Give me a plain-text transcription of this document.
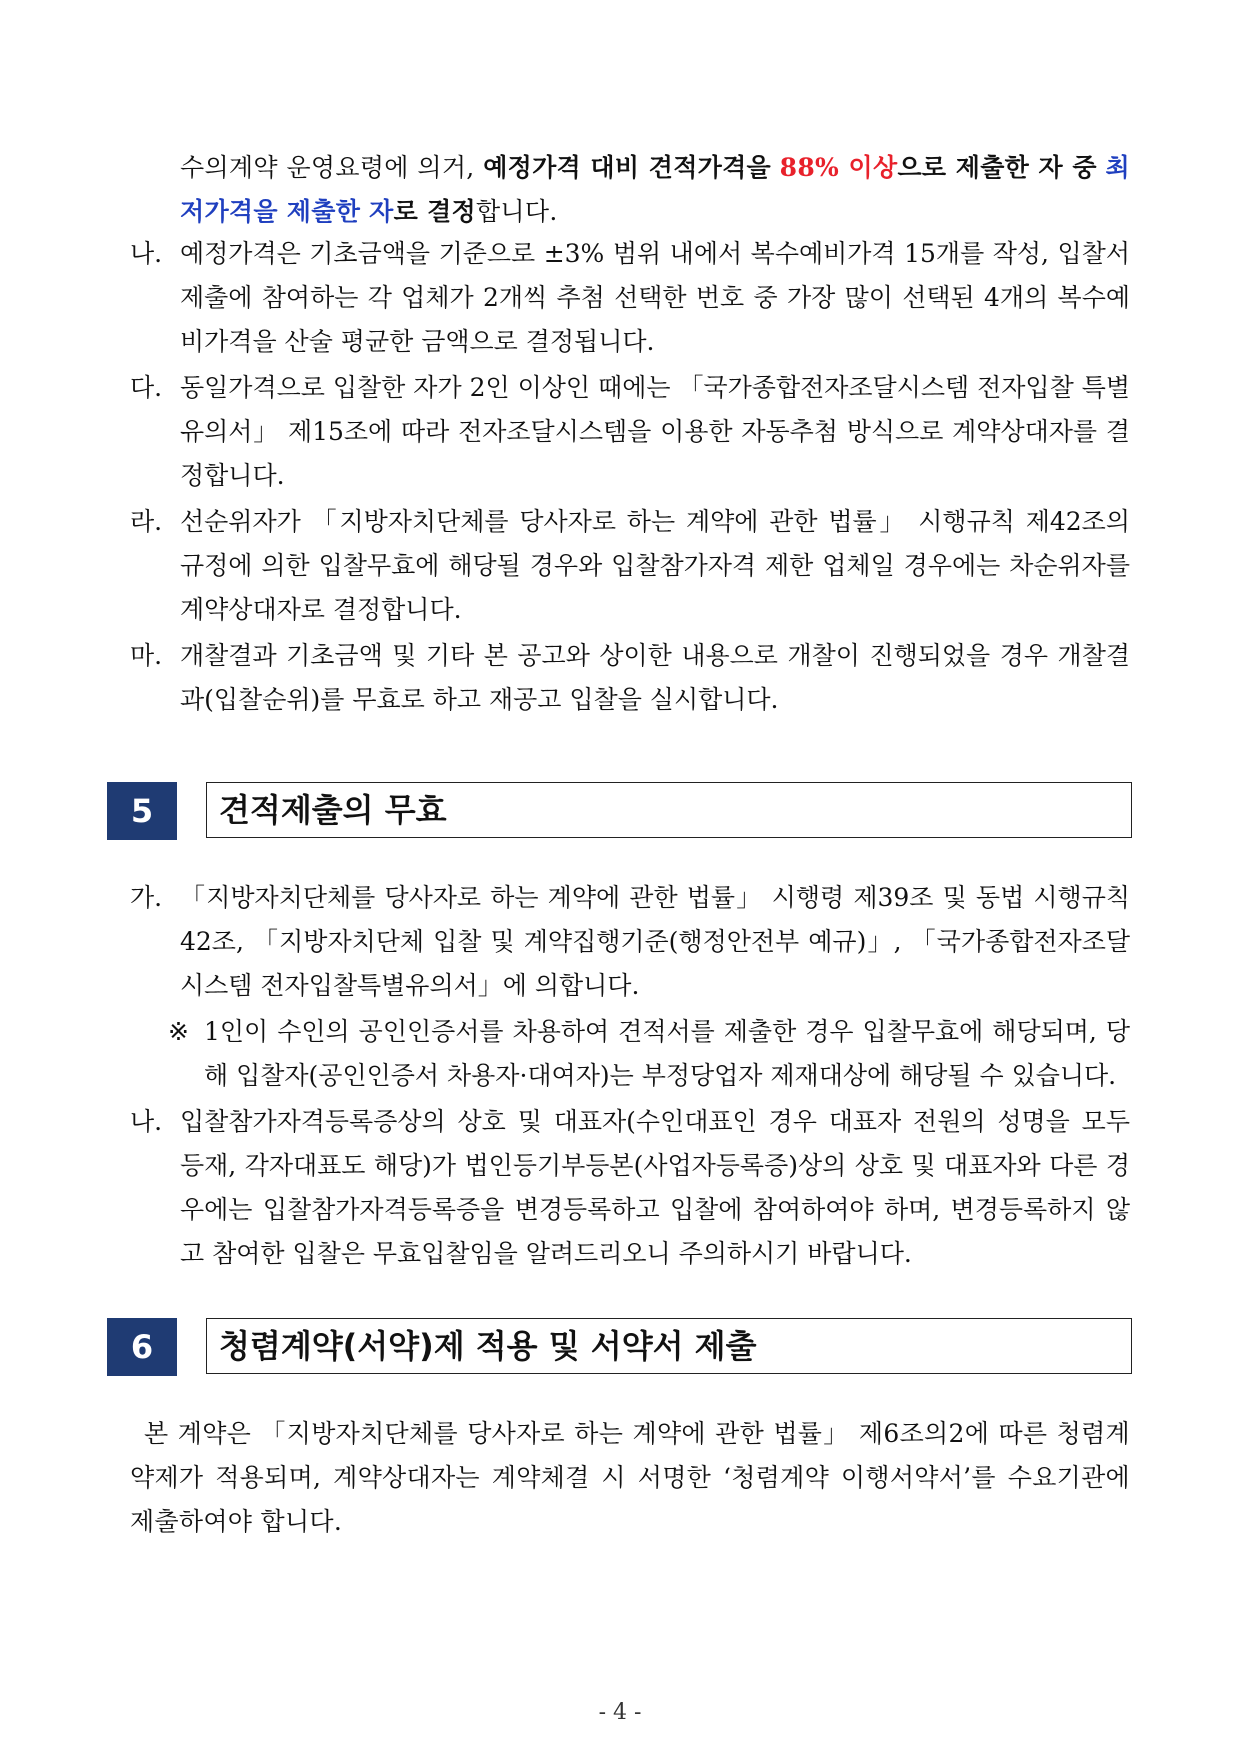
수의계약 운영요령에 의거, 예정가격 대비 견적가격을 88% 이상으로 제출한 자 중 최저가격을 제출한 자로 결정합니다.
나. 예정가격은 기초금액을 기준으로 ±3% 범위 내에서 복수예비가격 15개를 작성, 입찰서 제출에 참여하는 각 업체가 2개씩 추첨 선택한 번호 중 가장 많이 선택된 4개의 복수예비가격을 산술 평균한 금액으로 결정됩니다.
다. 동일가격으로 입찰한 자가 2인 이상인 때에는 「국가종합전자조달시스템 전자입찰 특별유의서」 제15조에 따라 전자조달시스템을 이용한 자동추첨 방식으로 계약상대자를 결정합니다.
라. 선순위자가 「지방자치단체를 당사자로 하는 계약에 관한 법률」 시행규칙 제42조의 규정에 의한 입찰무효에 해당될 경우와 입찰참가자격 제한 업체일 경우에는 차순위자를 계약상대자로 결정합니다.
마. 개찰결과 기초금액 및 기타 본 공고와 상이한 내용으로 개찰이 진행되었을 경우 개찰결과(입찰순위)를 무효로 하고 재공고 입찰을 실시합니다.
5	견적제출의 무효
가. 「지방자치단체를 당사자로 하는 계약에 관한 법률」 시행령 제39조 및 동법 시행규칙 42조, 「지방자치단체 입찰 및 계약집행기준(행정안전부 예규)」, 「국가종합전자조달시스템 전자입찰특별유의서」에 의합니다.
※ 1인이 수인의 공인인증서를 차용하여 견적서를 제출한 경우 입찰무효에 해당되며, 당해 입찰자(공인인증서 차용자·대여자)는 부정당업자 제재대상에 해당될 수 있습니다.
나. 입찰참가자격등록증상의 상호 및 대표자(수인대표인 경우 대표자 전원의 성명을 모두 등재, 각자대표도 해당)가 법인등기부등본(사업자등록증)상의 상호 및 대표자와 다른 경우에는 입찰참가자격등록증을 변경등록하고 입찰에 참여하여야 하며, 변경등록하지 않고 참여한 입찰은 무효입찰임을 알려드리오니 주의하시기 바랍니다.
6	청렴계약(서약)제 적용 및 서약서 제출
본 계약은 「지방자치단체를 당사자로 하는 계약에 관한 법률」 제6조의2에 따른 청렴계약제가 적용되며, 계약상대자는 계약체결 시 서명한 ‘청렴계약 이행서약서’를 수요기관에 제출하여야 합니다.
- 4 -
